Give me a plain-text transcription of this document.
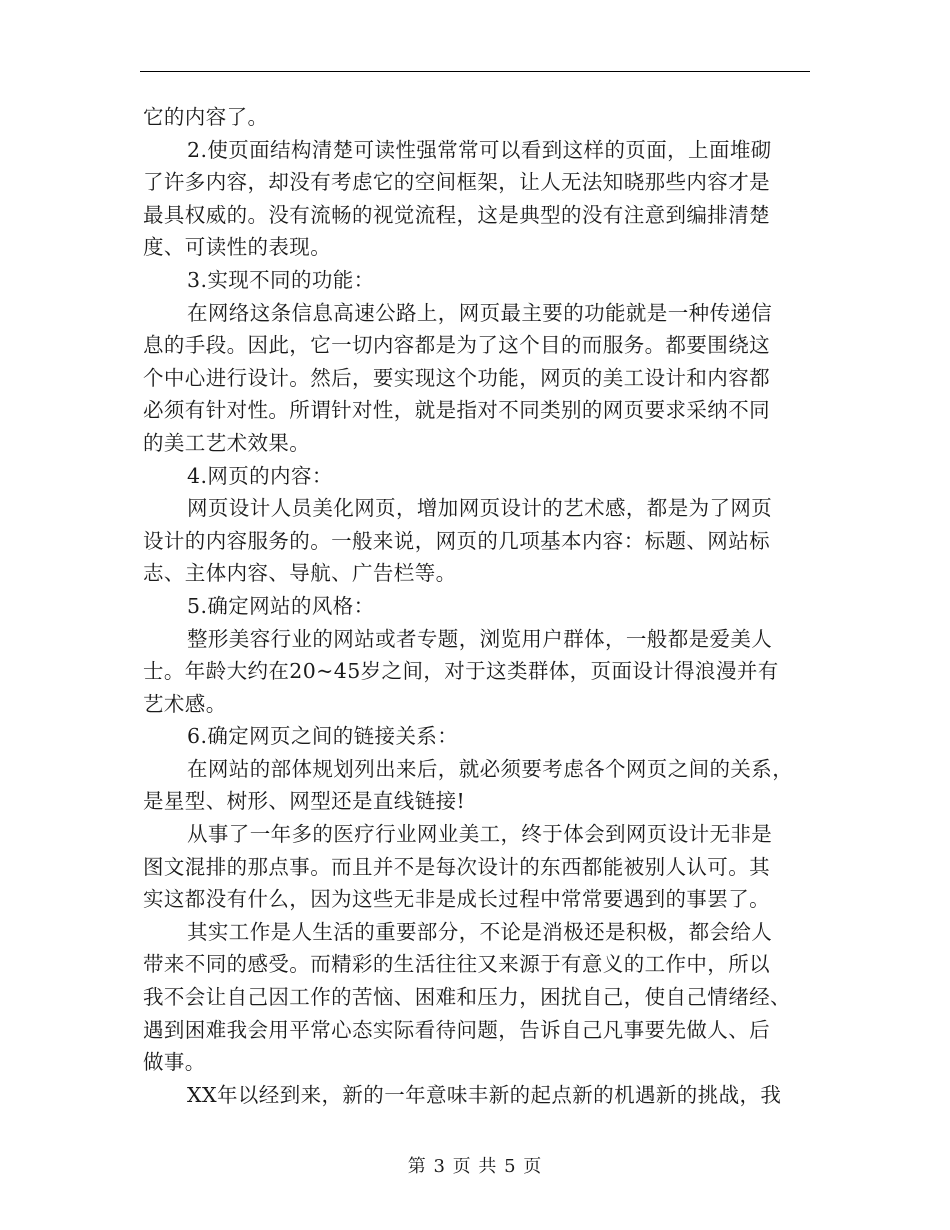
它的内容了。
2.使页面结构清楚可读性强常常可以看到这样的页面，上面堆砌
了许多内容，却没有考虑它的空间框架，让人无法知晓那些内容才是
最具权威的。没有流畅的视觉流程，这是典型的没有注意到编排清楚
度、可读性的表现。
3.实现不同的功能：
在网络这条信息高速公路上，网页最主要的功能就是一种传递信
息的手段。因此，它一切内容都是为了这个目的而服务。都要围绕这
个中心进行设计。然后，要实现这个功能，网页的美工设计和内容都
必须有针对性。所谓针对性，就是指对不同类别的网页要求采纳不同
的美工艺术效果。
4.网页的内容：
网页设计人员美化网页，增加网页设计的艺术感，都是为了网页
设计的内容服务的。一般来说，网页的几项基本内容：标题、网站标
志、主体内容、导航、广告栏等。
5.确定网站的风格：
整形美容行业的网站或者专题，浏览用户群体，一般都是爱美人
士。年龄大约在20~45岁之间，对于这类群体，页面设计得浪漫并有
艺术感。
6.确定网页之间的链接关系：
在网站的部体规划列出来后，就必须要考虑各个网页之间的关系，
是星型、树形、网型还是直线链接!
从事了一年多的医疗行业网业美工，终于体会到网页设计无非是
图文混排的那点事。而且并不是每次设计的东西都能被别人认可。其
实这都没有什么，因为这些无非是成长过程中常常要遇到的事罢了。
其实工作是人生活的重要部分，不论是消极还是积极，都会给人
带来不同的感受。而精彩的生活往往又来源于有意义的工作中，所以
我不会让自己因工作的苦恼、困难和压力，困扰自己，使自己情绪经、
遇到困难我会用平常心态实际看待问题，告诉自己凡事要先做人、后
做事。
XX年以经到来，新的一年意味丰新的起点新的机遇新的挑战，我
第 3 页 共 5 页
